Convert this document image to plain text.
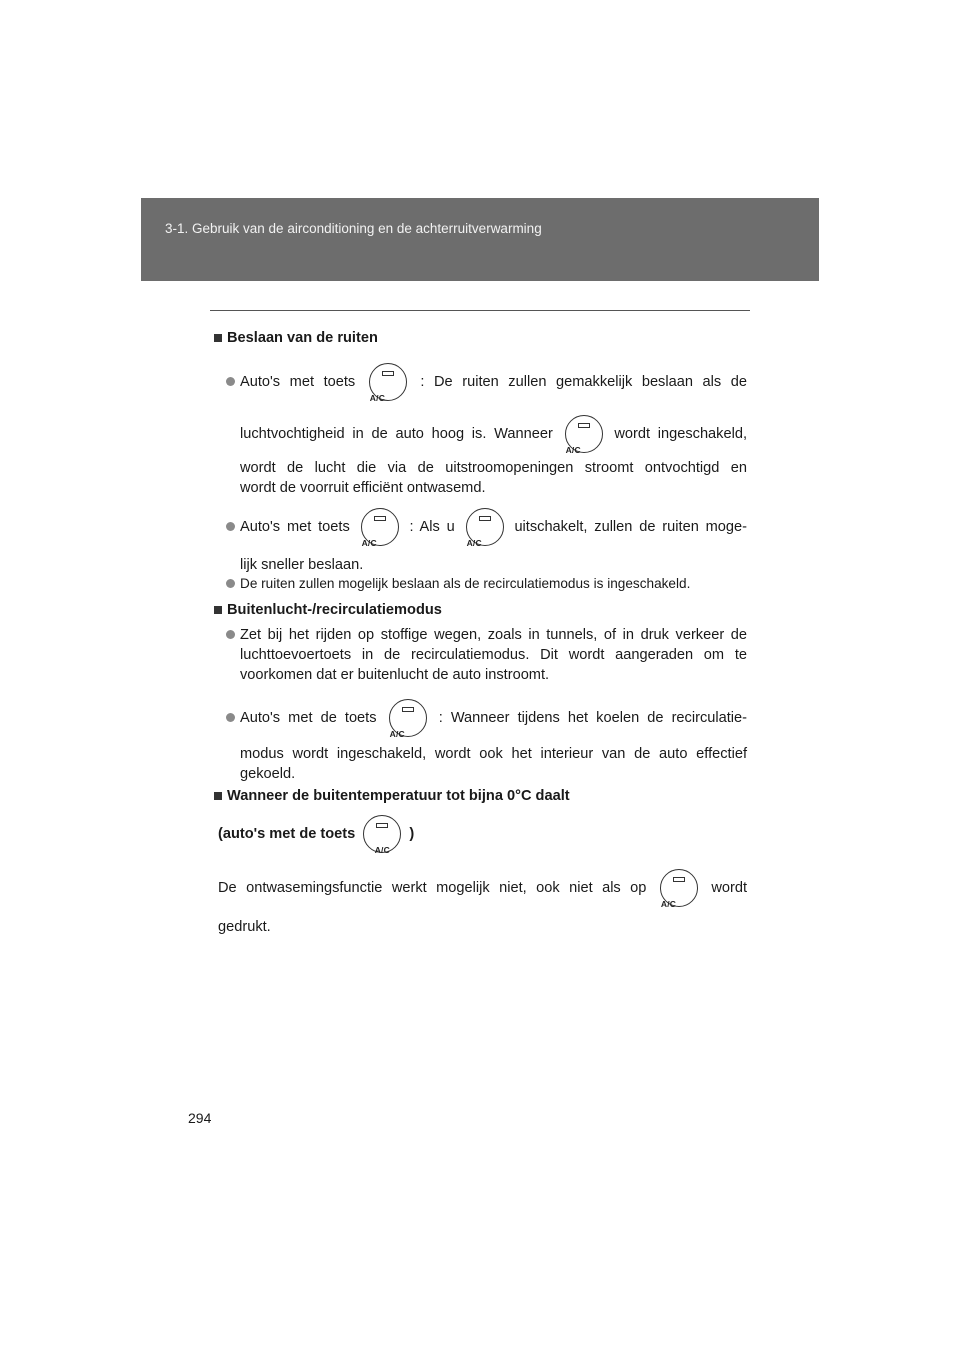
3-1. Gebruik van de airconditioning en de achterruitverwarming
Beslaan van de ruiten
Auto's met toets
A/C
: De ruiten zullen gemakkelijk beslaan als de
luchtvochtigheid in de auto hoog is. Wanneer
A/C
wordt ingeschakeld,
wordt de lucht die via de uitstroomopeningen stroomt ontvochtigd en
wordt de voorruit efficiënt ontwasemd.
Auto's met toets
A/C
: Als u
A/C
uitschakelt, zullen de ruiten moge-
lijk sneller beslaan.
De ruiten zullen mogelijk beslaan als de recirculatiemodus is ingeschakeld.
Buitenlucht-/recirculatiemodus
Zet bij het rijden op stoffige wegen, zoals in tunnels, of in druk verkeer de luchttoevoertoets in de recirculatiemodus. Dit wordt aangeraden om te voorkomen dat er buitenlucht de auto instroomt.
Auto's met de toets
A/C
: Wanneer tijdens het koelen de recirculatie-
modus wordt ingeschakeld, wordt ook het interieur van de auto effectief
gekoeld.
Wanneer de buitentemperatuur tot bijna 0°C daalt
(auto's met de toets
A/C
)
De ontwasemingsfunctie werkt mogelijk niet, ook niet als op
A/C
wordt
gedrukt.
294
